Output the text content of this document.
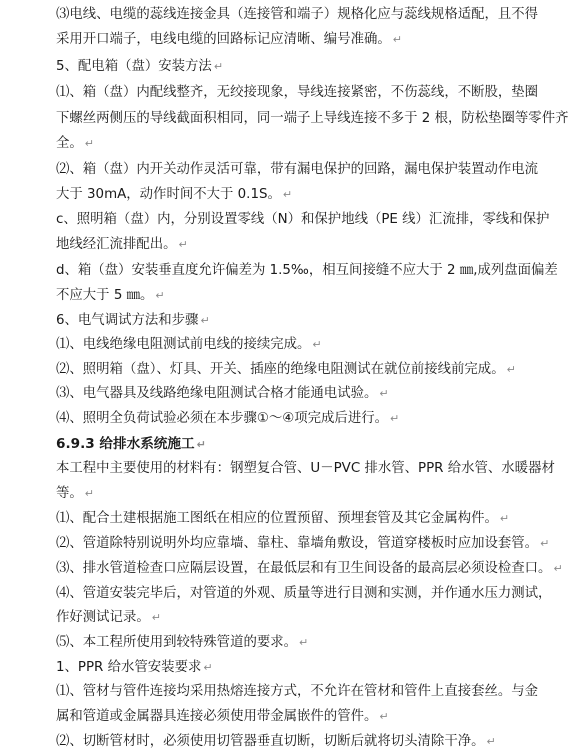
⑶电线、电缆的蕊线连接金具（连接管和端子）规格化应与蕊线规格适配，且不得
采用开口端子，电线电缆的回路标记应清晰、编号准确。 ↵
5、配电箱（盘）安装方法 ↵
⑴、箱（盘）内配线整齐，无绞接现象，导线连接紧密，不伤蕊线，不断股，垫圈
下螺丝两侧压的导线截面积相同，同一端子上导线连接不多于 2 根，防松垫圈等零件齐
全。 ↵
⑵、箱（盘）内开关动作灵活可靠，带有漏电保护的回路，漏电保护装置动作电流
大于 30mA，动作时间不大于 0.1S。 ↵
c、照明箱（盘）内，分别设置零线（N）和保护地线（PE 线）汇流排，零线和保护
地线经汇流排配出。 ↵
d、箱（盘）安装垂直度允许偏差为 1.5‰，相互间接缝不应大于 2 ㎜,成列盘面偏差
不应大于 5 ㎜。 ↵
6、电气调试方法和步骤 ↵
⑴、电线绝缘电阻测试前电线的接续完成。 ↵
⑵、照明箱（盘）、灯具、开关、插座的绝缘电阻测试在就位前接线前完成。 ↵
⑶、电气器具及线路绝缘电阻测试合格才能通电试验。 ↵
⑷、照明全负荷试验必须在本步骤①～④项完成后进行。 ↵
6.9.3 给排水系统施工 ↵
本工程中主要使用的材料有：钢塑复合管、U－PVC 排水管、PPR 给水管、水暖器材
等。 ↵
⑴、配合土建根据施工图纸在相应的位置预留、预埋套管及其它金属构件。 ↵
⑵、管道除特别说明外均应靠墙、靠柱、靠墙角敷设，管道穿楼板时应加设套管。 ↵
⑶、排水管道检查口应隔层设置，在最低层和有卫生间设备的最高层必须设检查口。 ↵
⑷、管道安装完毕后，对管道的外观、质量等进行目测和实测，并作通水压力测试，
作好测试记录。 ↵
⑸、本工程所使用到较特殊管道的要求。 ↵
1、PPR 给水管安装要求 ↵
⑴、管材与管件连接均采用热熔连接方式，不允许在管材和管件上直接套丝。与金
属和管道或金属器具连接必须使用带金属嵌件的管件。 ↵
⑵、切断管材时，必须使用切管器垂直切断，切断后就将切头清除干净。 ↵
